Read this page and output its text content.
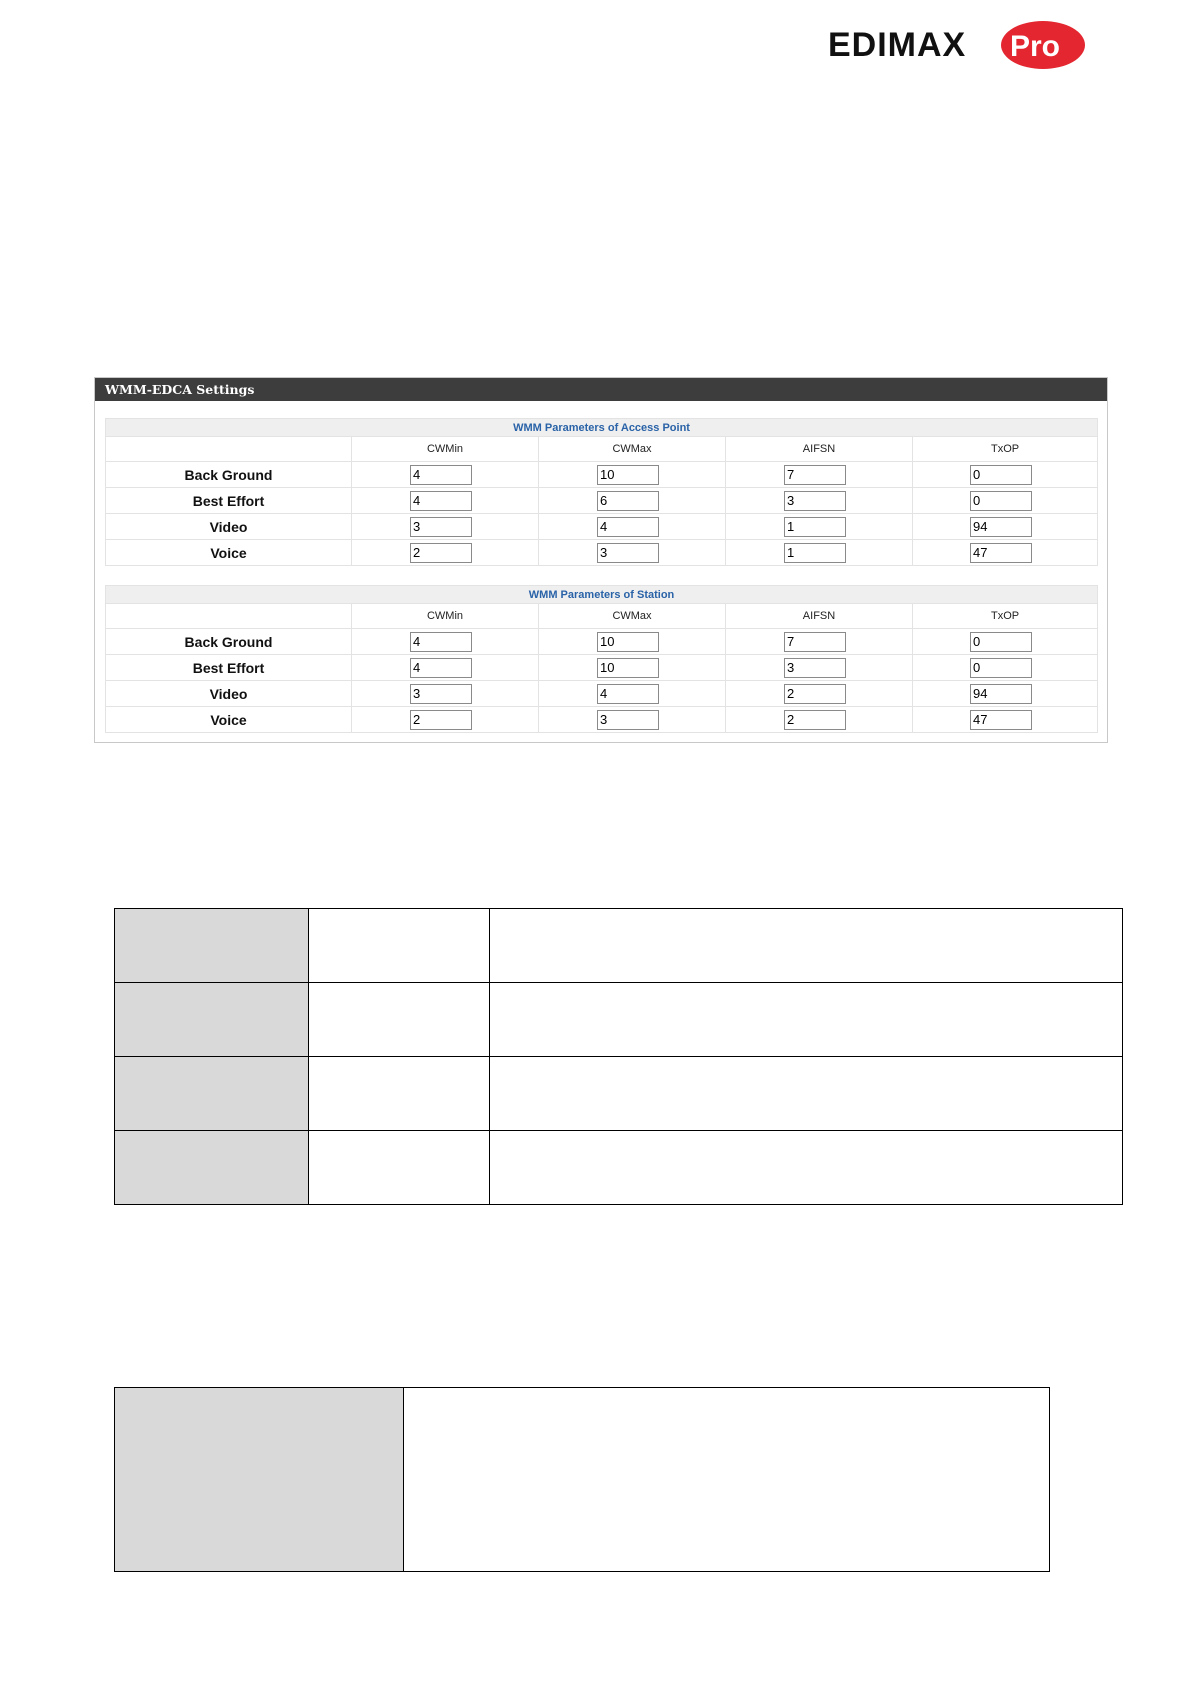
EDIMAX Pro
WMM-EDCA Settings
WMM Parameters of Access Point				
	CWMin	CWMax	AIFSN	TxOP
Back Ground	4	10	7	0
Best Effort	4	6	3	0
Video	3	4	1	94
Voice	2	3	1	47
WMM Parameters of Station				
	CWMin	CWMax	AIFSN	TxOP
Back Ground	4	10	7	0
Best Effort	4	10	3	0
Video	3	4	2	94
Voice	2	3	2	47
